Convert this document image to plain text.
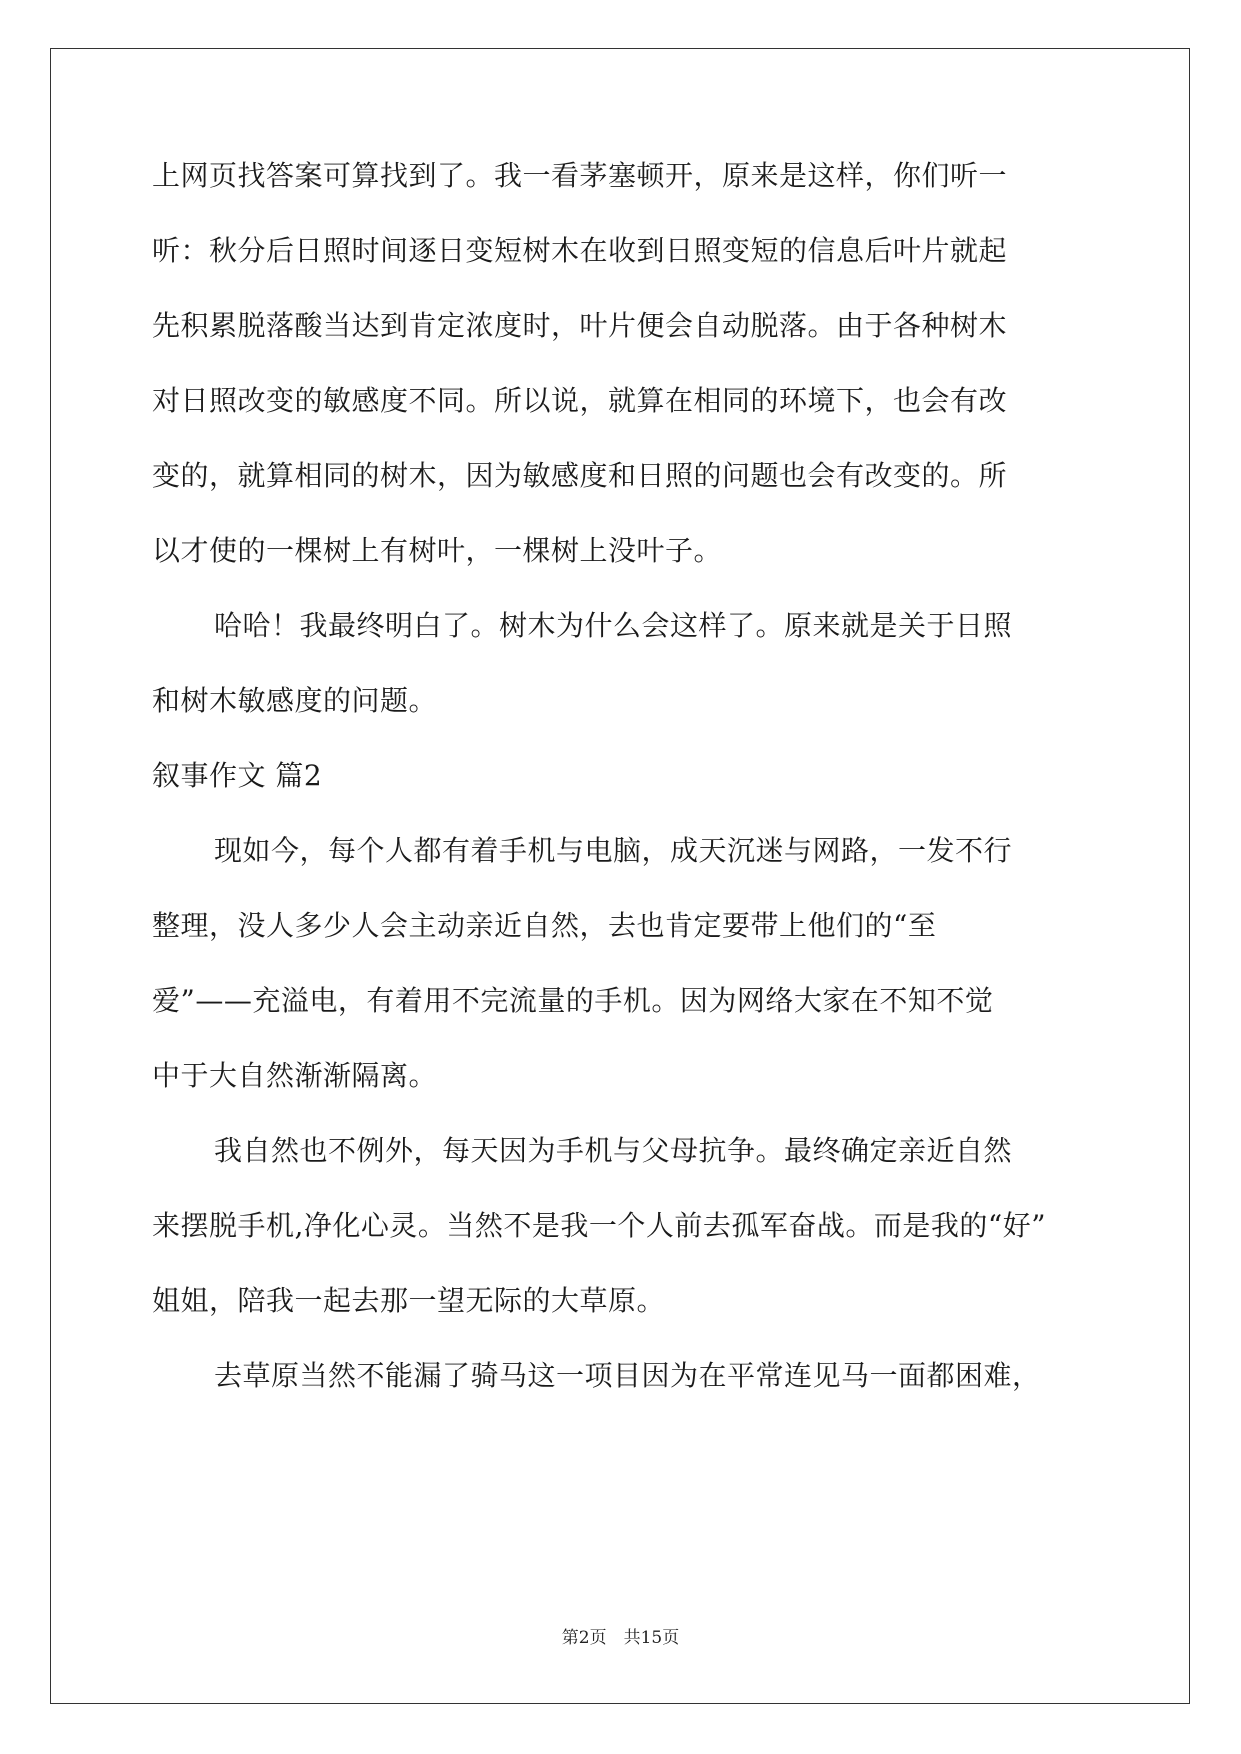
上网页找答案可算找到了。我一看茅塞顿开，原来是这样，你们听一
听：秋分后日照时间逐日变短树木在收到日照变短的信息后叶片就起
先积累脱落酸当达到肯定浓度时，叶片便会自动脱落。由于各种树木
对日照改变的敏感度不同。所以说，就算在相同的环境下，也会有改
变的，就算相同的树木，因为敏感度和日照的问题也会有改变的。所
以才使的一棵树上有树叶，一棵树上没叶子。
哈哈！我最终明白了。树木为什么会这样了。原来就是关于日照
和树木敏感度的问题。
叙事作文 篇2
现如今，每个人都有着手机与电脑，成天沉迷与网路，一发不行
整理，没人多少人会主动亲近自然，去也肯定要带上他们的“至
爱”——充溢电，有着用不完流量的手机。因为网络大家在不知不觉
中于大自然渐渐隔离。
我自然也不例外，每天因为手机与父母抗争。最终确定亲近自然
来摆脱手机,净化心灵。当然不是我一个人前去孤军奋战。而是我的“好”
姐姐，陪我一起去那一望无际的大草原。
去草原当然不能漏了骑马这一项目因为在平常连见马一面都困难，
第2页　共15页
